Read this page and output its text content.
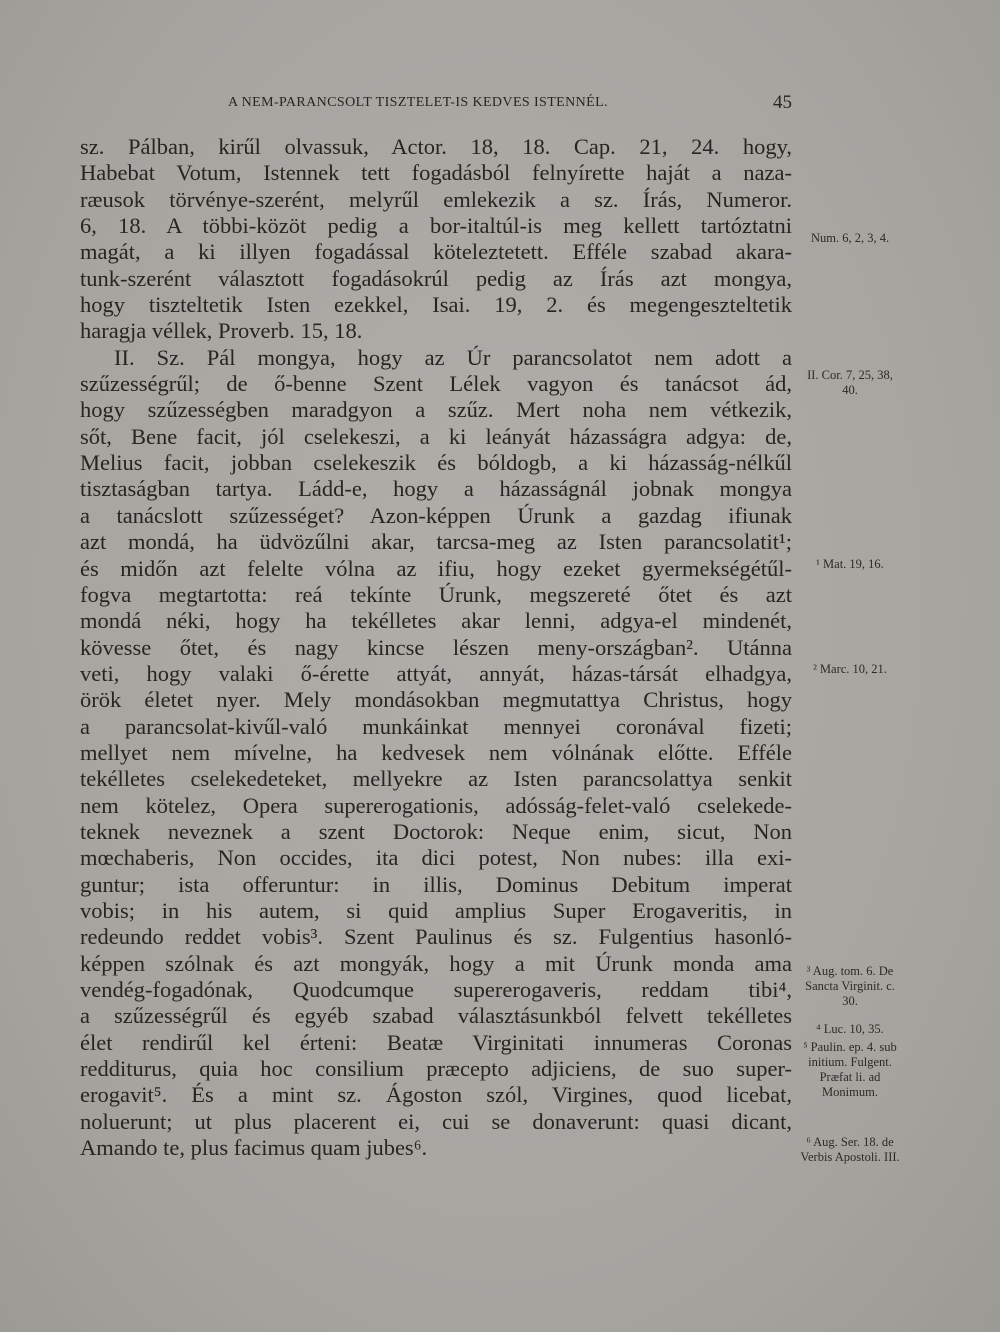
A NEM-PARANCSOLT TISZTELET-IS KEDVES ISTENNÉL.	45
sz. Pálban, kirűl olvassuk, Actor. 18, 18. Cap. 21, 24. hogy,
Habebat Votum, Istennek tett fogadásból felnyírette haját a naza-
ræusok törvénye-szerént, melyrűl emlekezik a sz. Írás, Numeror.
6, 18. A többi-közöt pedig a bor-italtúl-is meg kellett tartóztatni
magát, a ki illyen fogadással köteleztetett. Efféle szabad akara-
tunk-szerént választott fogadásokrúl pedig az Írás azt mongya,
hogy tiszteltetik Isten ezekkel, Isai. 19, 2. és megengeszteltetik
haragja véllek, Proverb. 15, 18.
II. Sz. Pál mongya, hogy az Úr parancsolatot nem adott a
szűzességrűl; de ő-benne Szent Lélek vagyon és tanácsot ád,
hogy szűzességben maradgyon a szűz. Mert noha nem vétkezik,
sőt, Bene facit, jól cselekeszi, a ki leányát házasságra adgya: de,
Melius facit, jobban cselekeszik és bóldogb, a ki házasság-nélkűl
tisztaságban tartya. Ládd-e, hogy a házasságnál jobnak mongya
a tanácslott szűzességet? Azon-képpen Úrunk a gazdag ifiunak
azt mondá, ha üdvözűlni akar, tarcsa-meg az Isten parancsolatit¹;
és midőn azt felelte vólna az ifiu, hogy ezeket gyermekségétűl-
fogva megtartotta: reá tekínte Úrunk, megszereté őtet és azt
mondá néki, hogy ha tekélletes akar lenni, adgya-el mindenét,
kövesse őtet, és nagy kincse lészen meny-országban². Utánna
veti, hogy valaki ő-érette attyát, annyát, házas-társát elhadgya,
örök életet nyer. Mely mondásokban megmutattya Christus, hogy
a parancsolat-kivűl-való munkáinkat mennyei coronával fizeti;
mellyet nem mívelne, ha kedvesek nem vólnának előtte. Efféle
tekélletes cselekedeteket, mellyekre az Isten parancsolattya senkit
nem kötelez, Opera supererogationis, adósság-felet-való cselekede-
teknek neveznek a szent Doctorok: Neque enim, sicut, Non
mœchaberis, Non occides, ita dici potest, Non nubes: illa exi-
guntur; ista offeruntur: in illis, Dominus Debitum imperat
vobis; in his autem, si quid amplius Super Erogaveritis, in
redeundo reddet vobis³. Szent Paulinus és sz. Fulgentius hasonló-
képpen szólnak és azt mongyák, hogy a mit Úrunk monda ama
vendég-fogadónak, Quodcumque supererogaveris, reddam tibi⁴,
a szűzességrűl és egyéb szabad választásunkból felvett tekélletes
élet rendirűl kel érteni: Beatæ Virginitati innumeras Coronas
redditurus, quia hoc consilium præcepto adjiciens, de suo super-
erogavit⁵. És a mint sz. Ágoston szól, Virgines, quod licebat,
noluerunt; ut plus placerent ei, cui se donaverunt: quasi dicant,
Amando te, plus facimus quam jubes⁶.
Num. 6, 2, 3, 4.
II. Cor. 7, 25, 38, 40.
¹ Mat. 19, 16.
² Marc. 10, 21.
³ Aug. tom. 6. De Sancta Virginit. c. 30.
⁴ Luc. 10, 35.
⁵ Paulin. ep. 4. sub initium. Fulgent. Præfat li. ad Monimum.
⁶ Aug. Ser. 18. de Verbis Apostoli. III.
